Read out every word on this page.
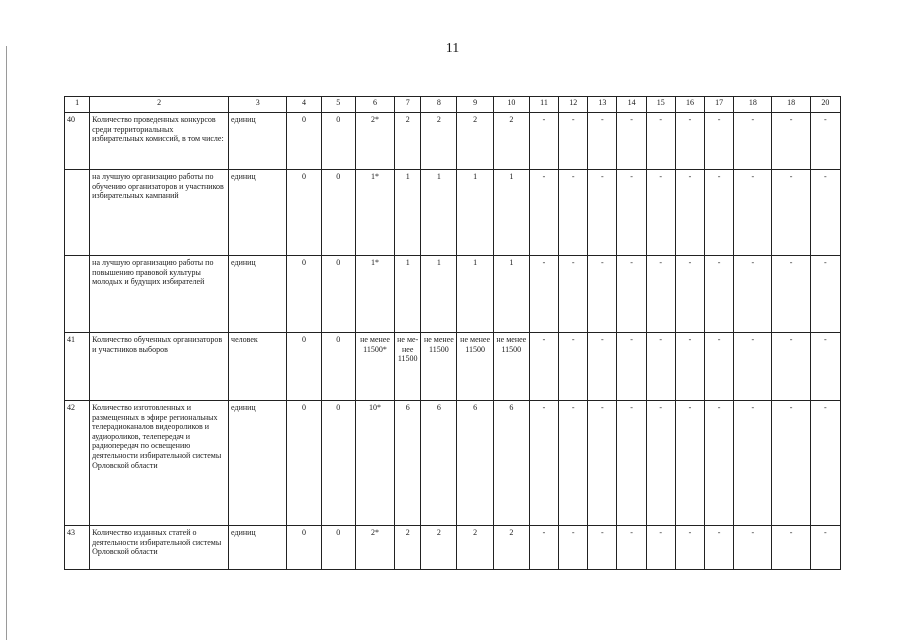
11
1	2	3	4	5	6	7	8	9	10	11	12	13	14	15	16	17	18	18	20
40	Количество проведенных конкурсов среди территориальных избирательных комиссий, в том числе:	единиц	0	0	2*	2	2	2	2	-	-	-	-	-	-	-	-	-	-
	на лучшую организацию работы по обучению организаторов и участников избирательных кампаний	единиц	0	0	1*	1	1	1	1	-	-	-	-	-	-	-	-	-	-
	на лучшую организацию работы по повышению правовой культуры молодых и будущих избирателей	единиц	0	0	1*	1	1	1	1	-	-	-	-	-	-	-	-	-	-
41	Количество обученных организаторов и участников выборов	человек	0	0	не менее 11500*	не ме-нее 11500	не менее 11500	не менее 11500	не менее 11500	-	-	-	-	-	-	-	-	-	-
42	Количество изготовленных и размещенных в эфире региональных телерадиоканалов видеороликов и аудиороликов, телепередач и радиопередач по освещению деятельности избирательной системы Орловской области	единиц	0	0	10*	6	6	6	6	-	-	-	-	-	-	-	-	-	-
43	Количество изданных статей о деятельности избирательной системы Орловской области	единиц	0	0	2*	2	2	2	2	-	-	-	-	-	-	-	-	-	-
